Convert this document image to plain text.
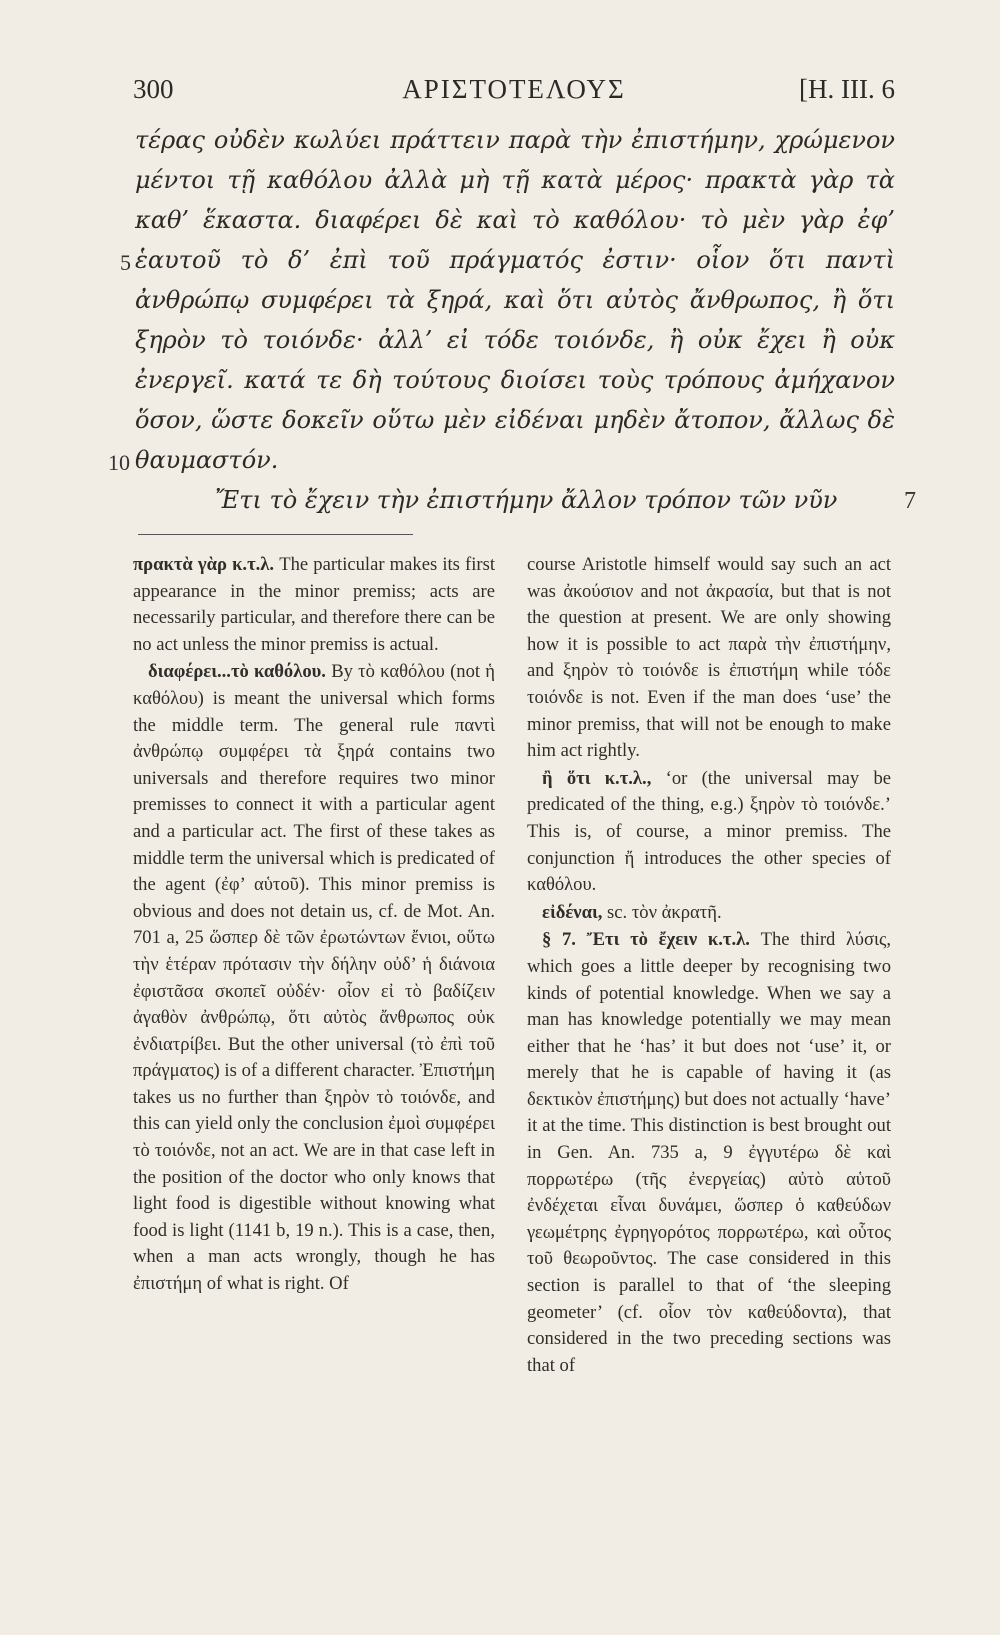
300	ΑΡΙΣΤΟΤΕΛΟΥΣ	[H. III. 6
τέρας οὐδὲν κωλύει πράττειν παρὰ τὴν ἐπιστήμην, χρώμενον
μέντοι τῇ καθόλου ἀλλὰ μὴ τῇ κατὰ μέρος· πρακτὰ γὰρ τὰ
καθ’ ἕκαστα. διαφέρει δὲ καὶ τὸ καθόλου· τὸ μὲν γὰρ ἐφ’
ἑαυτοῦ τὸ δ’ ἐπὶ τοῦ πράγματός ἐστιν· οἷον ὅτι παντὶ
ἀνθρώπῳ συμφέρει τὰ ξηρά, καὶ ὅτι αὐτὸς ἄνθρωπος, ἢ ὅτι
ξηρὸν τὸ τοιόνδε· ἀλλ’ εἰ τόδε τοιόνδε, ἢ οὐκ ἔχει ἢ οὐκ
ἐνεργεῖ. κατά τε δὴ τούτους διοίσει τοὺς τρόπους ἀμήχανον
ὅσον, ὥστε δοκεῖν οὕτω μὲν εἰδέναι μηδὲν ἄτοπον, ἄλλως δὲ
θαυμαστόν.
Ἔτι τὸ ἔχειν τὴν ἐπιστήμην ἄλλον τρόπον τῶν νῦν
5
10
7

πρακτὰ γὰρ κ.τ.λ. The particular makes its first appearance in the minor premiss; acts are necessarily particular, and therefore there can be no act unless the minor premiss is actual.

διαφέρει...τὸ καθόλου. By τὸ καθόλου (not ἡ καθόλου) is meant the universal which forms the middle term. The general rule παντὶ ἀνθρώπῳ συμφέρει τὰ ξηρά contains two universals and therefore requires two minor premisses to connect it with a particular agent and a particular act. The first of these takes as middle term the universal which is predicated of the agent (ἐφ’ αὑτοῦ). This minor premiss is obvious and does not detain us, cf. de Mot. An. 701 a, 25 ὥσπερ δὲ τῶν ἐρωτώντων ἔνιοι, οὕτω τὴν ἑτέραν πρότασιν τὴν δήλην οὐδ’ ἡ διάνοια ἐφιστᾶσα σκοπεῖ οὐδέν· οἷον εἰ τὸ βαδίζειν ἀγαθὸν ἀνθρώπῳ, ὅτι αὐτὸς ἄνθρωπος οὐκ ἐνδιατρίβει. But the other universal (τὸ ἐπὶ τοῦ πράγματος) is of a different character. Ἐπιστήμη takes us no further than ξηρὸν τὸ τοιόνδε, and this can yield only the conclusion ἐμοὶ συμφέρει τὸ τοιόνδε, not an act. We are in that case left in the position of the doctor who only knows that light food is digestible without knowing what food is light (1141 b, 19 n.). This is a case, then, when a man acts wrongly, though he has ἐπιστήμη of what is right. Of

course Aristotle himself would say such an act was ἀκούσιον and not ἀκρασία, but that is not the question at present. We are only showing how it is possible to act παρὰ τὴν ἐπιστήμην, and ξηρὸν τὸ τοιόνδε is ἐπιστήμη while τόδε τοιόνδε is not. Even if the man does ‘use’ the minor premiss, that will not be enough to make him act rightly.

ἢ ὅτι κ.τ.λ., ‘or (the universal may be predicated of the thing, e.g.) ξηρὸν τὸ τοιόνδε.’ This is, of course, a minor premiss. The conjunction ἤ introduces the other species of καθόλου.

εἰδέναι, sc. τὸν ἀκρατῆ.

§ 7. Ἔτι τὸ ἔχειν κ.τ.λ. The third λύσις, which goes a little deeper by recognising two kinds of potential knowledge. When we say a man has knowledge potentially we may mean either that he ‘has’ it but does not ‘use’ it, or merely that he is capable of having it (as δεκτικὸν ἐπιστήμης) but does not actually ‘have’ it at the time. This distinction is best brought out in Gen. An. 735 a, 9 ἐγγυτέρω δὲ καὶ πορρωτέρω (τῆς ἐνεργείας) αὐτὸ αὑτοῦ ἐνδέχεται εἶναι δυνάμει, ὥσπερ ὁ καθεύδων γεωμέτρης ἐγρηγορότος πορρωτέρω, καὶ οὗτος τοῦ θεωροῦντος. The case considered in this section is parallel to that of ‘the sleeping geometer’ (cf. οἷον τὸν καθεύδοντα), that considered in the two preceding sections was that of
